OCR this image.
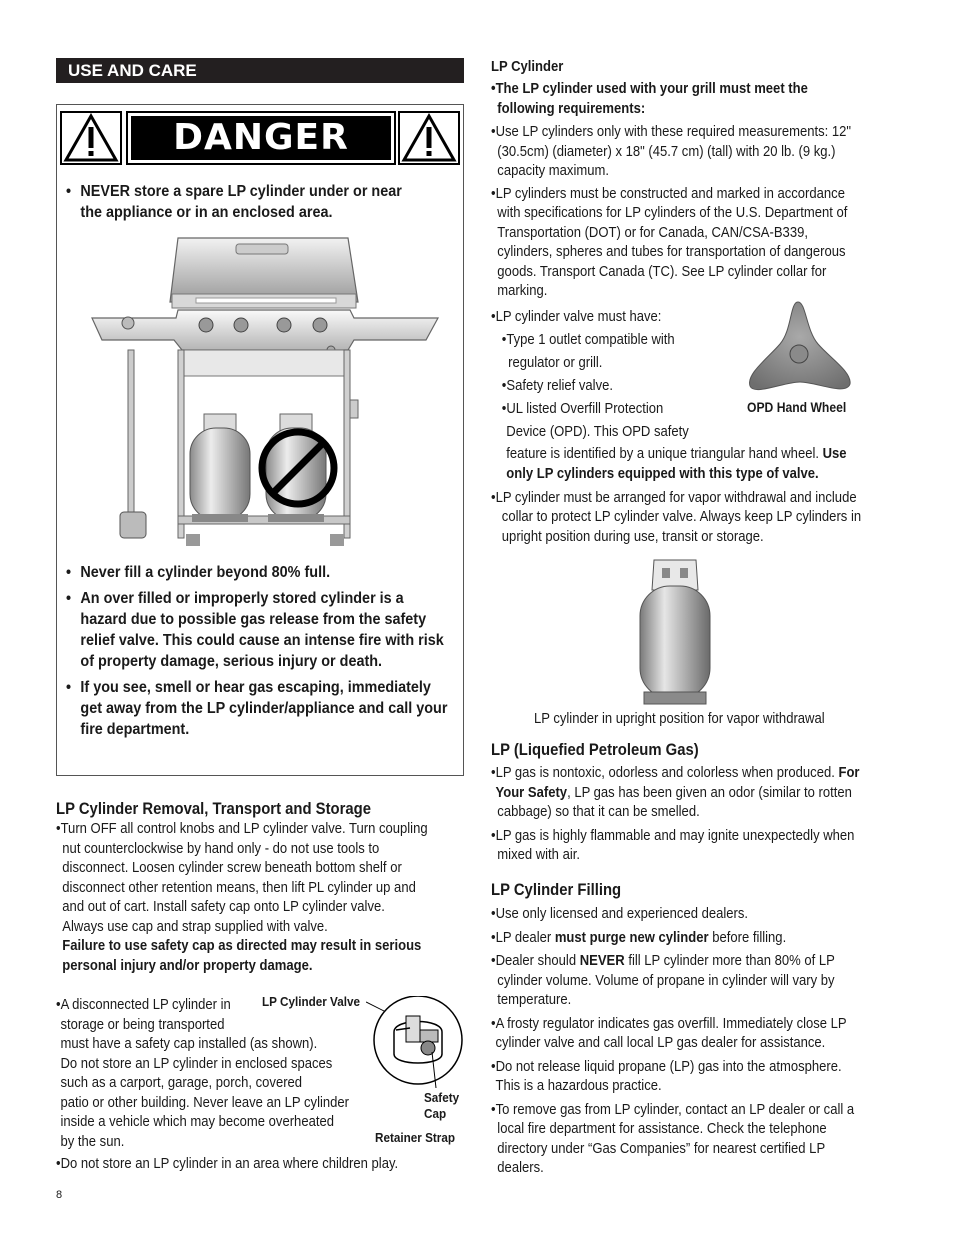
USE AND CARE
DANGER
• NEVER store a spare LP cylinder under or near the appliance or in an enclosed area.
• Never fill a cylinder beyond 80% full.
• An over filled or improperly stored cylinder is a hazard due to possible gas release from the safety relief valve. This could cause an intense fire with risk of property damage, serious injury or death.
• If you see, smell or hear gas escaping, immediately get away from the LP cylinder/appliance and call your fire department.
LP Cylinder Removal, Transport and Storage
•Turn OFF all control knobs and LP cylinder valve. Turn coupling
nut counterclockwise by hand only - do not use tools to
disconnect. Loosen cylinder screw beneath bottom shelf or
disconnect other retention means, then lift PL cylinder up and
and out of cart. Install safety cap onto LP cylinder valve.
Always use cap and strap supplied with valve.
Failure to use safety cap as directed may result in serious
personal injury and/or property damage.
•A disconnected LP cylinder in
storage or being transported
must have a safety cap installed (as shown).
Do not store an LP cylinder in enclosed spaces
such as a carport, garage, porch, covered
patio or other building. Never leave an LP cylinder
inside a vehicle which may become overheated
by the sun.
•Do not store an LP cylinder in an area where children play.
LP Cylinder Valve
Safety
Cap
Retainer Strap
8
LP Cylinder
•The LP cylinder used with your grill must meet the
following requirements:
•Use LP cylinders only with these required measurements: 12"
(30.5cm) (diameter) x 18" (45.7 cm) (tall) with 20 lb. (9 kg.)
capacity maximum.
•LP cylinders must be constructed and marked in accordance
with specifications for LP cylinders of the U.S. Department of
Transportation (DOT) or for Canada, CAN/CSA-B339,
cylinders, spheres and tubes for transportation of dangerous
goods. Transport Canada (TC). See LP cylinder collar for
marking.
•LP cylinder valve must have:
•Type 1 outlet compatible with
regulator or grill.
•Safety relief valve.
•UL listed Overfill Protection
Device (OPD). This OPD safety
feature is identified by a unique triangular hand wheel. Use
only LP cylinders equipped with this type of valve.
•LP cylinder must be arranged for vapor withdrawal and include
collar to protect LP cylinder valve. Always keep LP cylinders in
upright position during use, transit or storage.
OPD Hand Wheel
LP cylinder in upright position for vapor withdrawal
LP (Liquefied Petroleum Gas)
•LP gas is nontoxic, odorless and colorless when produced. For
Your Safety, LP gas has been given an odor (similar to rotten
cabbage) so that it can be smelled.
•LP gas is highly flammable and may ignite unexpectedly when
mixed with air.
LP Cylinder Filling
•Use only licensed and experienced dealers.
•LP dealer must purge new cylinder before filling.
•Dealer should NEVER fill LP cylinder more than 80% of LP
cylinder volume. Volume of propane in cylinder will vary by
temperature.
•A frosty regulator indicates gas overfill. Immediately close LP
cylinder valve and call local LP gas dealer for assistance.
•Do not release liquid propane (LP) gas into the atmosphere.
This is a hazardous practice.
•To remove gas from LP cylinder, contact an LP dealer or call a
local fire department for assistance. Check the telephone
directory under “Gas Companies” for nearest certified LP
dealers.
